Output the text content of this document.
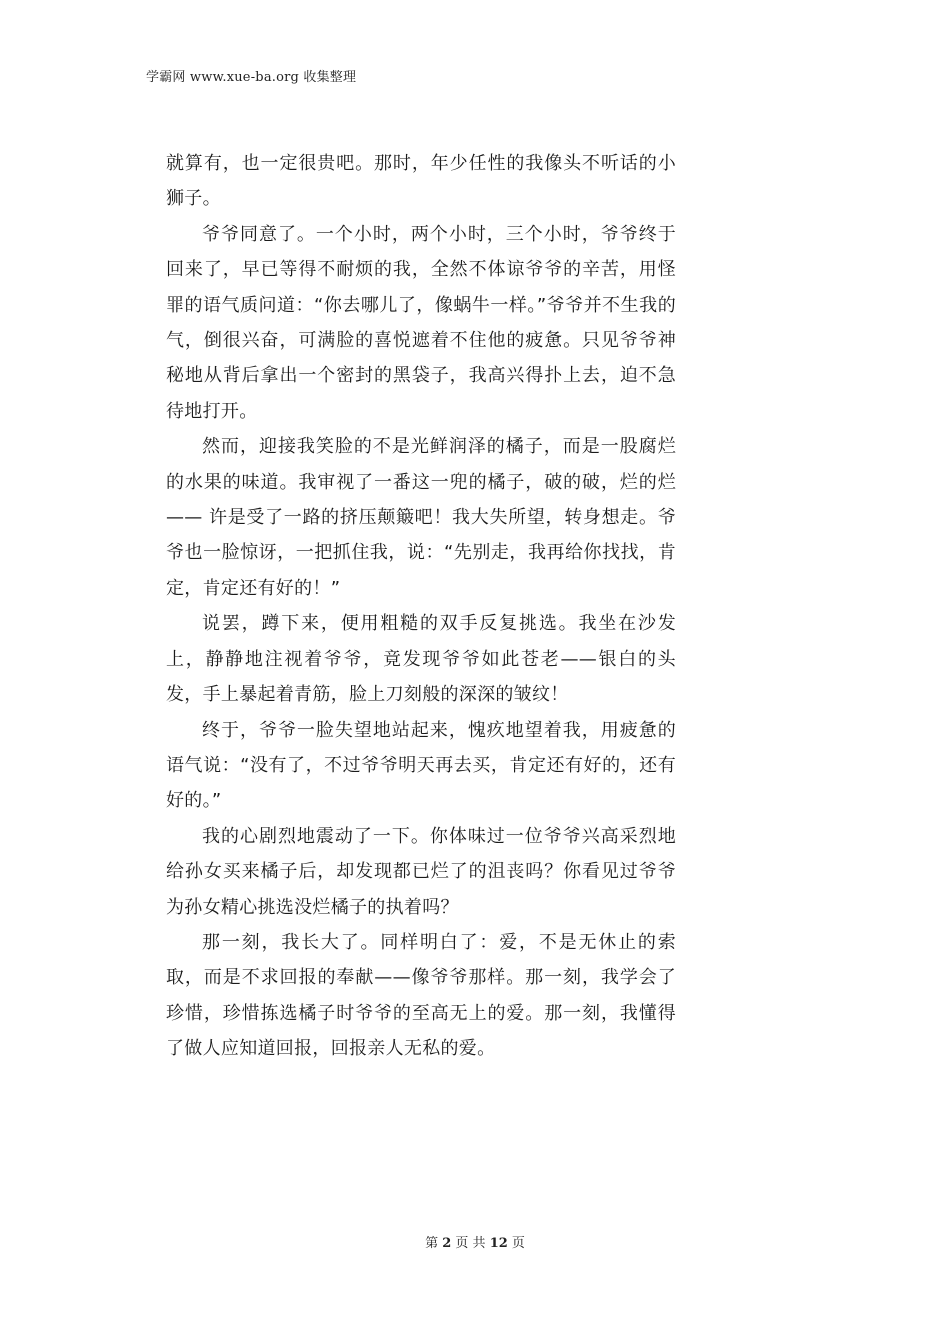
学霸网 www.xue-ba.org 收集整理

就算有，也一定很贵吧。那时，年少任性的我像头不听话的小狮子。

爷爷同意了。一个小时，两个小时，三个小时，爷爷终于回来了，早已等得不耐烦的我，全然不体谅爷爷的辛苦，用怪罪的语气质问道：“你去哪儿了，像蜗牛一样。”爷爷并不生我的气，倒很兴奋，可满脸的喜悦遮着不住他的疲惫。只见爷爷神秘地从背后拿出一个密封的黑袋子，我高兴得扑上去，迫不急待地打开。

然而，迎接我笑脸的不是光鲜润泽的橘子，而是一股腐烂的水果的味道。我审视了一番这一兜的橘子，破的破，烂的烂—— 许是受了一路的挤压颠簸吧！我大失所望，转身想走。爷爷也一脸惊讶，一把抓住我，说：“先别走，我再给你找找，肯定，肯定还有好的！”

说罢，蹲下来，便用粗糙的双手反复挑选。我坐在沙发上，静静地注视着爷爷，竟发现爷爷如此苍老——银白的头发，手上暴起着青筋，脸上刀刻般的深深的皱纹！

终于，爷爷一脸失望地站起来，愧疚地望着我，用疲惫的语气说：“没有了，不过爷爷明天再去买，肯定还有好的，还有好的。”

我的心剧烈地震动了一下。你体味过一位爷爷兴高采烈地给孙女买来橘子后，却发现都已烂了的沮丧吗？你看见过爷爷为孙女精心挑选没烂橘子的执着吗？

那一刻，我长大了。同样明白了：爱，不是无休止的索取，而是不求回报的奉献——像爷爷那样。那一刻，我学会了珍惜，珍惜拣选橘子时爷爷的至高无上的爱。那一刻，我懂得了做人应知道回报，回报亲人无私的爱。

第 2 页 共 12 页
